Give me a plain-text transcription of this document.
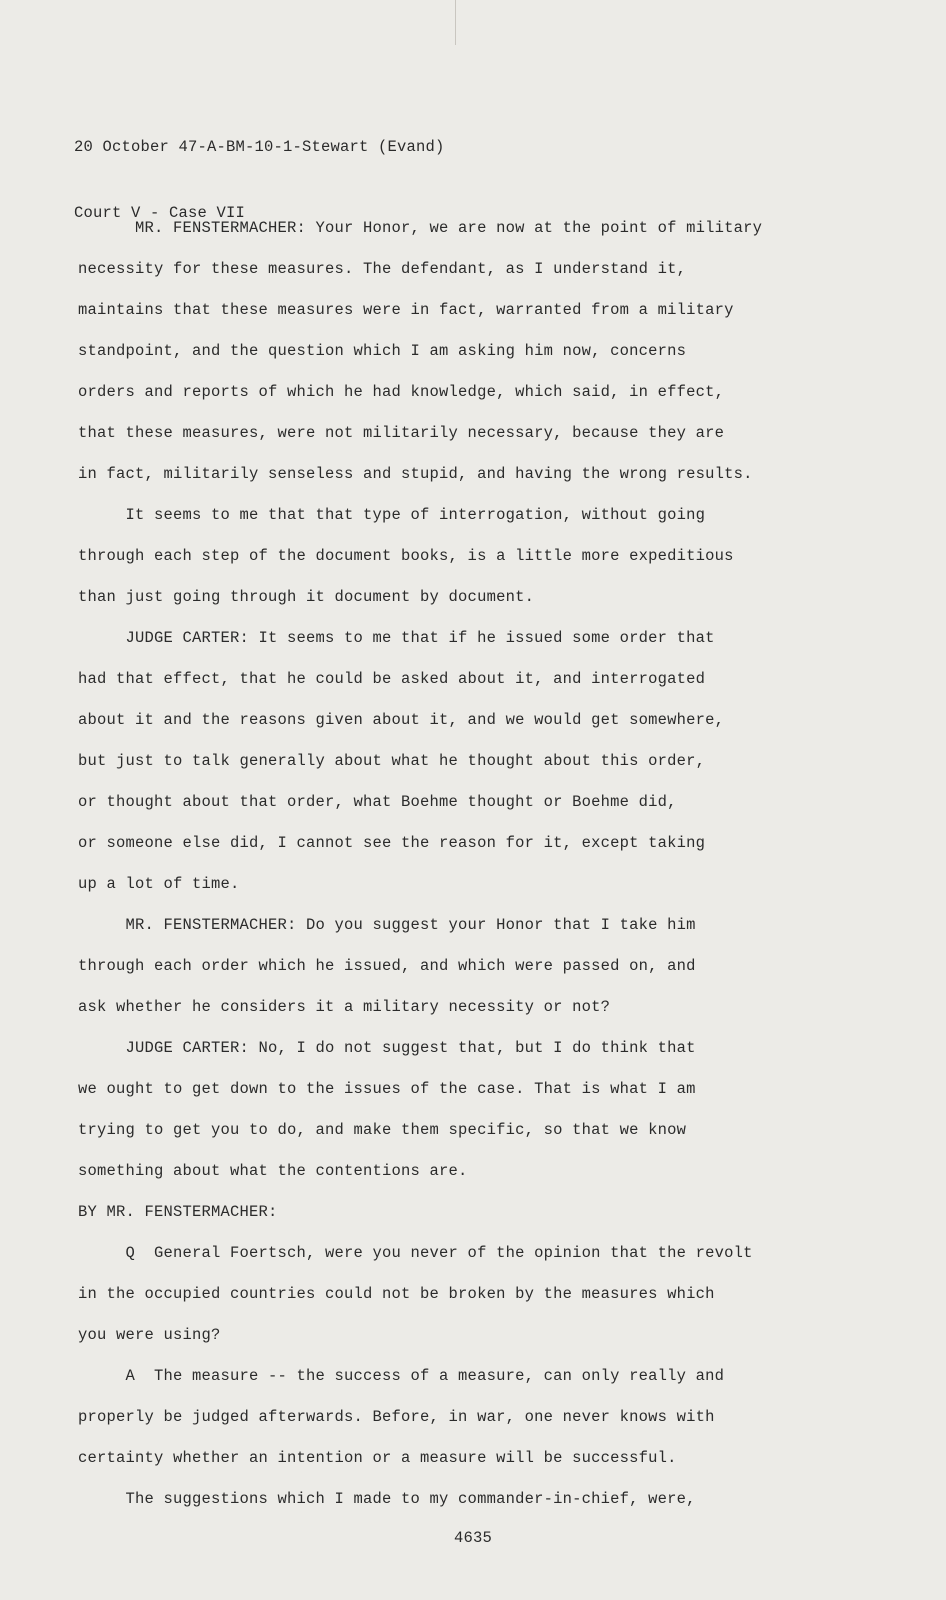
20 October 47-A-BM-10-1-Stewart (Evand)

Court V - Case VII

MR. FENSTERMACHER: Your Honor, we are now at the point of military
necessity for these measures. The defendant, as I understand it,
maintains that these measures were in fact, warranted from a military
standpoint, and the question which I am asking him now, concerns
orders and reports of which he had knowledge, which said, in effect,
that these measures, were not militarily necessary, because they are
in fact, militarily senseless and stupid, and having the wrong results.
It seems to me that that type of interrogation, without going
through each step of the document books, is a little more expeditious
than just going through it document by document.
JUDGE CARTER: It seems to me that if he issued some order that
had that effect, that he could be asked about it, and interrogated
about it and the reasons given about it, and we would get somewhere,
but just to talk generally about what he thought about this order,
or thought about that order, what Boehme thought or Boehme did,
or someone else did, I cannot see the reason for it, except taking
up a lot of time.
MR. FENSTERMACHER: Do you suggest your Honor that I take him
through each order which he issued, and which were passed on, and
ask whether he considers it a military necessity or not?
JUDGE CARTER: No, I do not suggest that, but I do think that
we ought to get down to the issues of the case. That is what I am
trying to get you to do, and make them specific, so that we know
something about what the contentions are.
BY MR. FENSTERMACHER:
Q  General Foertsch, were you never of the opinion that the revolt
in the occupied countries could not be broken by the measures which
you were using?
A  The measure -- the success of a measure, can only really and
properly be judged afterwards. Before, in war, one never knows with
certainty whether an intention or a measure will be successful.
The suggestions which I made to my commander-in-chief, were,
4635
